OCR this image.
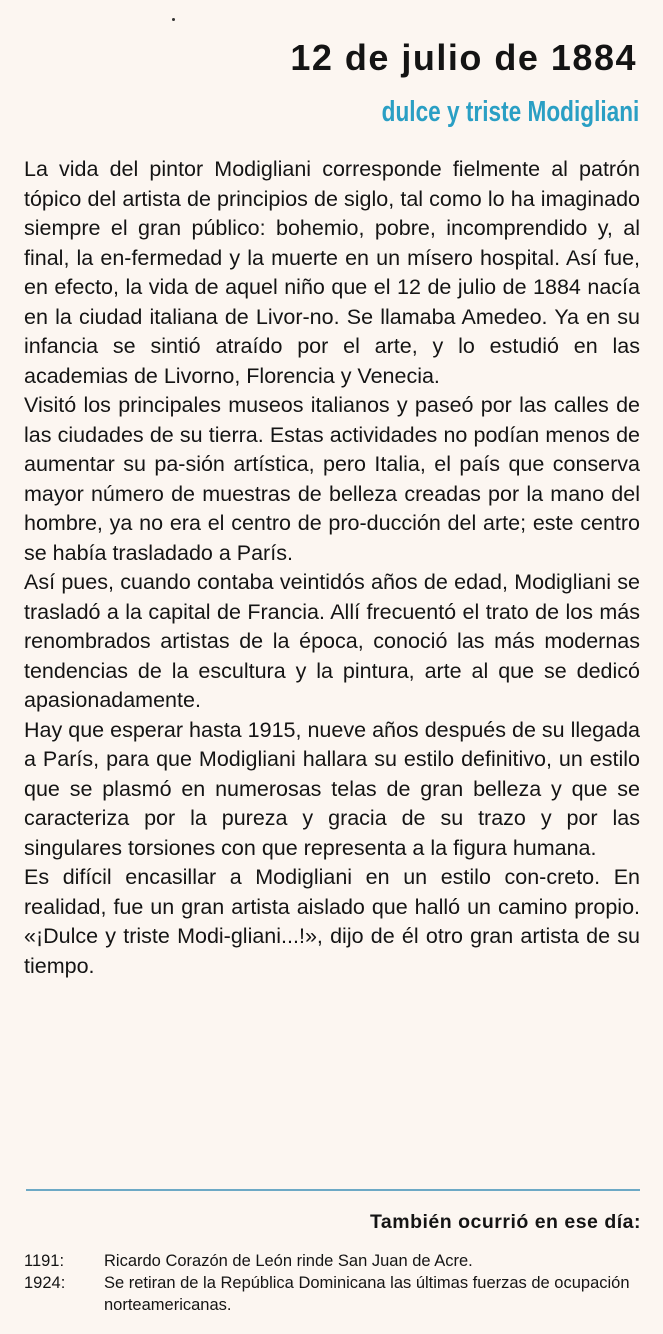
12 de julio de 1884
dulce y triste Modigliani

La vida del pintor Modigliani corresponde fielmente al patrón tópico del artista de principios de siglo, tal como lo ha imaginado siempre el gran público: bohemio, pobre, incomprendido y, al final, la en-fermedad y la muerte en un mísero hospital. Así fue, en efecto, la vida de aquel niño que el 12 de julio de 1884 nacía en la ciudad italiana de Livor-no. Se llamaba Amedeo. Ya en su infancia se sintió atraído por el arte, y lo estudió en las academias de Livorno, Florencia y Venecia.

Visitó los principales museos italianos y paseó por las calles de las ciudades de su tierra. Estas actividades no podían menos de aumentar su pa-sión artística, pero Italia, el país que conserva mayor número de muestras de belleza creadas por la mano del hombre, ya no era el centro de pro-ducción del arte; este centro se había trasladado a París.

Así pues, cuando contaba veintidós años de edad, Modigliani se trasladó a la capital de Francia. Allí frecuentó el trato de los más renombrados artistas de la época, conoció las más modernas tendencias de la escultura y la pintura, arte al que se dedicó apasionadamente.

Hay que esperar hasta 1915, nueve años después de su llegada a París, para que Modigliani hallara su estilo definitivo, un estilo que se plasmó en numerosas telas de gran belleza y que se caracteriza por la pureza y gracia de su trazo y por las singulares torsiones con que representa a la figura humana.

Es difícil encasillar a Modigliani en un estilo con-creto. En realidad, fue un gran artista aislado que halló un camino propio. «¡Dulce y triste Modi-gliani...!», dijo de él otro gran artista de su tiempo.

También ocurrió en ese día:
1191:	Ricardo Corazón de León rinde San Juan de Acre.
1924:	Se retiran de la República Dominicana las últimas fuerzas de ocupación norteamericanas.
